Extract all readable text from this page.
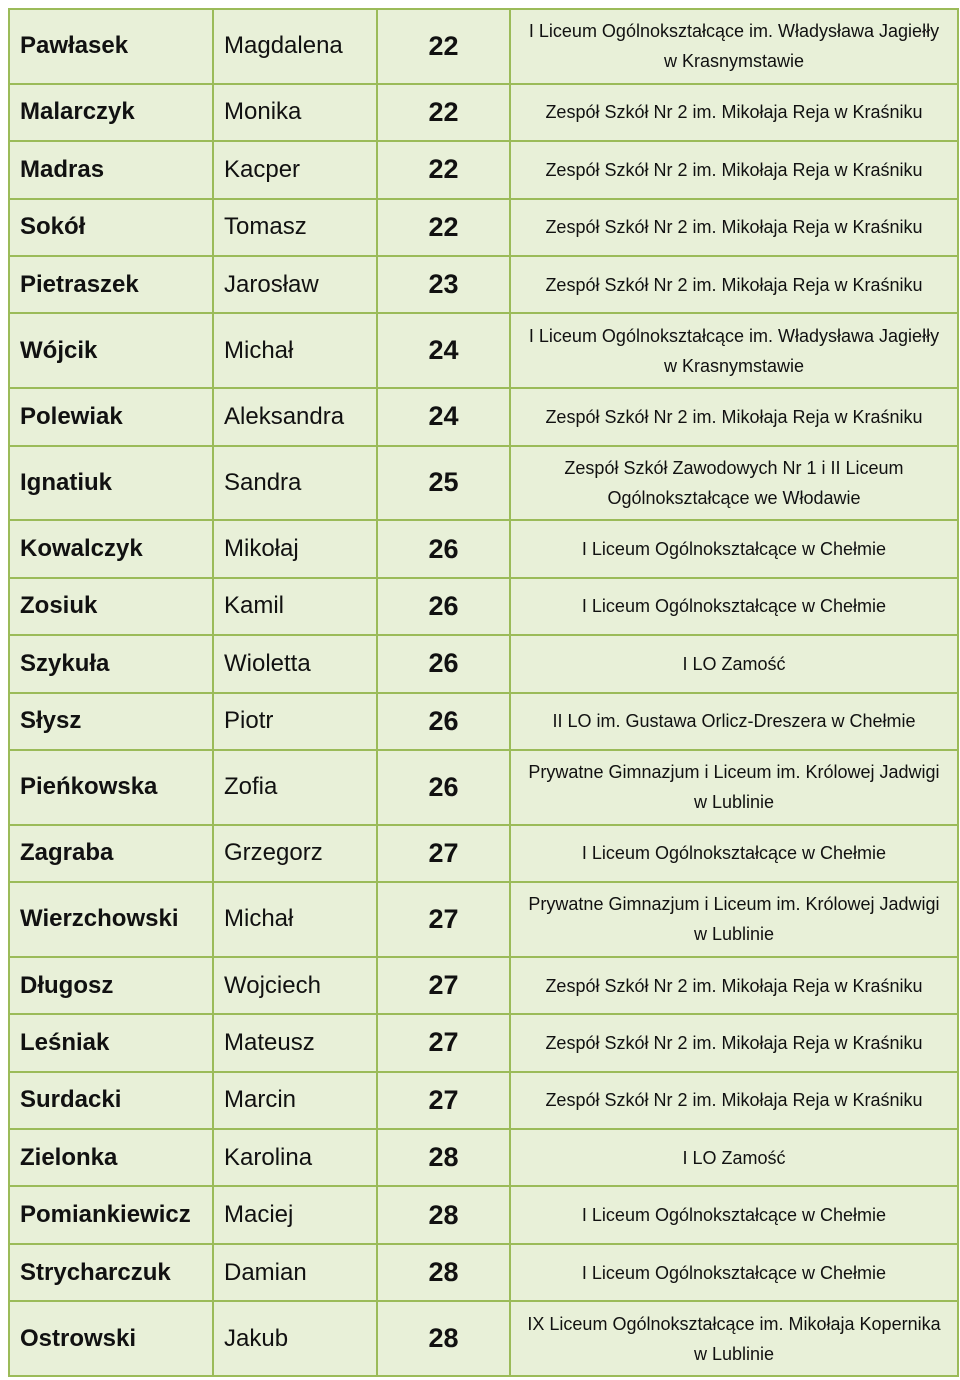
Pawłasek	Magdalena	22	I Liceum Ogólnokształcące im. Władysława Jagiełły
w Krasnymstawie

Malarczyk	Monika	22	Zespół Szkół Nr 2 im. Mikołaja Reja w Kraśniku

Madras	Kacper	22	Zespół Szkół Nr 2 im. Mikołaja Reja w Kraśniku

Sokół	Tomasz	22	Zespół Szkół Nr 2 im. Mikołaja Reja w Kraśniku

Pietraszek	Jarosław	23	Zespół Szkół Nr 2 im. Mikołaja Reja w Kraśniku

Wójcik	Michał	24	I Liceum Ogólnokształcące im. Władysława Jagiełły
w Krasnymstawie

Polewiak	Aleksandra	24	Zespół Szkół Nr 2 im. Mikołaja Reja w Kraśniku

Ignatiuk	Sandra	25	Zespół Szkół Zawodowych Nr 1 i II Liceum
Ogólnokształcące we Włodawie

Kowalczyk	Mikołaj	26	I Liceum Ogólnokształcące w Chełmie

Zosiuk	Kamil	26	I Liceum Ogólnokształcące w Chełmie

Szykuła	Wioletta	26	I LO Zamość

Słysz	Piotr	26	II LO im. Gustawa Orlicz-Dreszera w Chełmie

Pieńkowska	Zofia	26	Prywatne Gimnazjum i Liceum im. Królowej Jadwigi
w Lublinie

Zagraba	Grzegorz	27	I Liceum Ogólnokształcące w Chełmie

Wierzchowski	Michał	27	Prywatne Gimnazjum i Liceum im. Królowej Jadwigi
w Lublinie

Długosz	Wojciech	27	Zespół Szkół Nr 2 im. Mikołaja Reja w Kraśniku

Leśniak	Mateusz	27	Zespół Szkół Nr 2 im. Mikołaja Reja w Kraśniku

Surdacki	Marcin	27	Zespół Szkół Nr 2 im. Mikołaja Reja w Kraśniku

Zielonka	Karolina	28	I LO Zamość

Pomiankiewicz	Maciej	28	I Liceum Ogólnokształcące w Chełmie

Strycharczuk	Damian	28	I Liceum Ogólnokształcące w Chełmie

Ostrowski	Jakub	28	IX Liceum Ogólnokształcące im. Mikołaja Kopernika
w Lublinie
